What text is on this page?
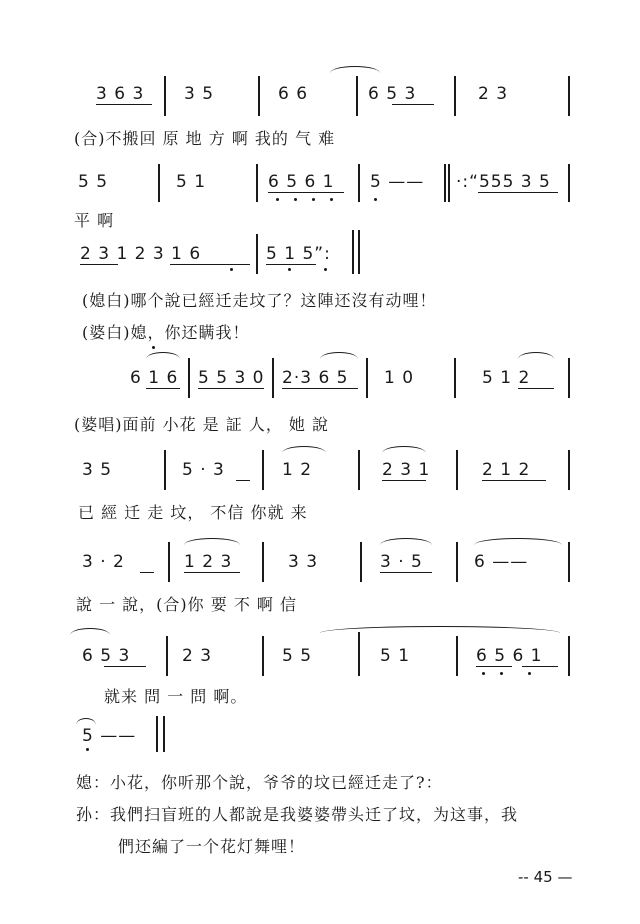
3 6 3 3 5	6 6	6 5 3	2 3
(合)不搬回 原 地 方 啊 我的 气 难
5 5	5 1	6 5 6 1 5 —— ·:“555 3 5
平 啊
2 3 1 2 3 1 6	5 1 5”:
(媳白)哪个說已經迁走坟了？这陣还沒有动哩！
(婆白)媳，你还瞒我！
6 1 6 5 5 3 0 2·3 6 5 1 0	5 1 2
(婆唱)面前 小花 是 証 人， 她 說
3 5	5 · 3	1 2	2 3 1	2 1 2
已 經 迁 走 坟， 不信 你就 来
3 · 2	1 2 3	3 3	3 · 5	6 ——
說 一 說，(合)你 要 不 啊 信
6 5 3	2 3	5 5	5 1	6 5 6 1
就来 問 一 問 啊。
5 ——
媳：小花，你听那个說，爷爷的坟已經迁走了?：
孙：我們扫盲班的人都說是我婆婆帶头迁了坟，为这事，我
們还編了一个花灯舞哩！
-- 45 —
